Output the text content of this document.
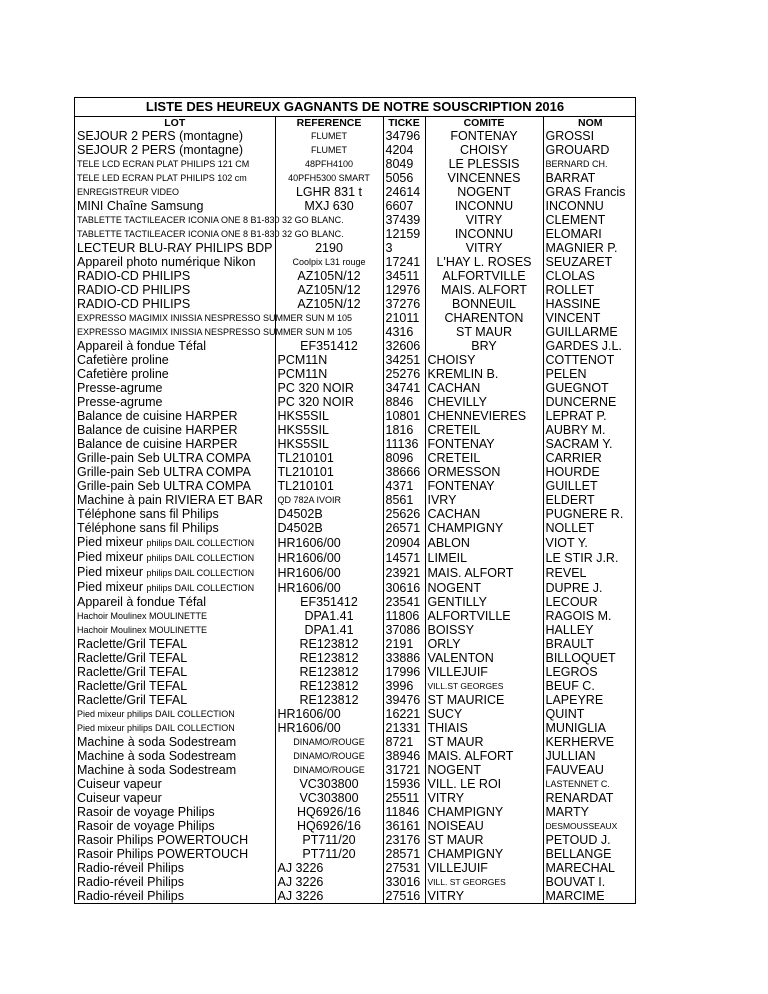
LISTE DES HEUREUX GAGNANTS DE NOTRE SOUSCRIPTION 2016
LOT	REFERENCE	TICKE	COMITE	NOM
SEJOUR 2 PERS (montagne)	FLUMET	34796	FONTENAY	GROSSI
SEJOUR 2 PERS (montagne)	FLUMET	4204	CHOISY	GROUARD
TELE LCD ECRAN PLAT PHILIPS 121 CM	48PFH4100	8049	LE PLESSIS	BERNARD CH.
TELE LED ECRAN PLAT PHILIPS 102 cm	40PFH5300 SMART	5056	VINCENNES	BARRAT
ENREGISTREUR VIDEO	LGHR 831 t	24614	NOGENT	GRAS Francis
MINI Chaîne Samsung	MXJ 630	6607	INCONNU	INCONNU
TABLETTE TACTILEACER ICONIA ONE 8 B1-830 32 GO BLANC.		37439	VITRY	CLEMENT
TABLETTE TACTILEACER ICONIA ONE 8 B1-830 32 GO BLANC.		12159	INCONNU	ELOMARI
LECTEUR BLU-RAY PHILIPS BDP	2190	3	VITRY	MAGNIER P.
Appareil photo numérique Nikon	Coolpix L31 rouge	17241	L'HAY L. ROSES	SEUZARET
RADIO-CD PHILIPS	AZ105N/12	34511	ALFORTVILLE	CLOLAS
RADIO-CD PHILIPS	AZ105N/12	12976	MAIS. ALFORT	ROLLET
RADIO-CD PHILIPS	AZ105N/12	37276	BONNEUIL	HASSINE
EXPRESSO MAGIMIX INISSIA NESPRESSO SUMMER SUN M 105		21011	CHARENTON	VINCENT
EXPRESSO MAGIMIX INISSIA NESPRESSO SUMMER SUN M 105		4316	ST MAUR	GUILLARME
Appareil à fondue Téfal	EF351412	32606	BRY	GARDES J.L.
Cafetière proline	PCM11N	34251	CHOISY	COTTENOT
Cafetière proline	PCM11N	25276	KREMLIN B.	PELEN
Presse-agrume	PC 320 NOIR	34741	CACHAN	GUEGNOT
Presse-agrume	PC 320 NOIR	8846	CHEVILLY	DUNCERNE
Balance de cuisine HARPER	HKS5SIL	10801	CHENNEVIERES	LEPRAT P.
Balance de cuisine HARPER	HKS5SIL	1816	CRETEIL	AUBRY M.
Balance de cuisine HARPER	HKS5SIL	11136	FONTENAY	SACRAM Y.
Grille-pain Seb ULTRA COMPA	TL210101	8096	CRETEIL	CARRIER
Grille-pain Seb ULTRA COMPA	TL210101	38666	ORMESSON	HOURDE
Grille-pain Seb ULTRA COMPA	TL210101	4371	FONTENAY	GUILLET
Machine à pain RIVIERA ET BAR	QD 782A IVOIR	8561	IVRY	ELDERT
Téléphone sans fil Philips	D4502B	25626	CACHAN	PUGNERE R.
Téléphone sans fil Philips	D4502B	26571	CHAMPIGNY	NOLLET
Pied mixeur philips DAIL COLLECTION	HR1606/00	20904	ABLON	VIOT Y.
Pied mixeur philips DAIL COLLECTION	HR1606/00	14571	LIMEIL	LE STIR J.R.
Pied mixeur philips DAIL COLLECTION	HR1606/00	23921	MAIS. ALFORT	REVEL
Pied mixeur philips DAIL COLLECTION	HR1606/00	30616	NOGENT	DUPRE J.
Appareil à fondue Téfal	EF351412	23541	GENTILLY	LECOUR
Hachoir Moulinex MOULINETTE	DPA1.41	11806	ALFORTVILLE	RAGOIS M.
Hachoir Moulinex MOULINETTE	DPA1.41	37086	BOISSY	HALLEY
Raclette/Gril TEFAL	RE123812	2191	ORLY	BRAULT
Raclette/Gril TEFAL	RE123812	33886	VALENTON	BILLOQUET
Raclette/Gril TEFAL	RE123812	17996	VILLEJUIF	LEGROS
Raclette/Gril TEFAL	RE123812	3996	VILL.ST GEORGES	BEUF C.
Raclette/Gril TEFAL	RE123812	39476	ST MAURICE	LAPEYRE
Pied mixeur philips DAIL COLLECTION	HR1606/00	16221	SUCY	QUINT
Pied mixeur philips DAIL COLLECTION	HR1606/00	21331	THIAIS	MUNIGLIA
Machine à soda Sodestream	DINAMO/ROUGE	8721	ST MAUR	KERHERVE
Machine à soda Sodestream	DINAMO/ROUGE	38946	MAIS. ALFORT	JULLIAN
Machine à soda Sodestream	DINAMO/ROUGE	31721	NOGENT	FAUVEAU
Cuiseur vapeur	VC303800	15936	VILL. LE ROI	LASTENNET C.
Cuiseur vapeur	VC303800	25511	VITRY	RENARDAT
Rasoir de voyage Philips	HQ6926/16	11846	CHAMPIGNY	MARTY
Rasoir de voyage Philips	HQ6926/16	36161	NOISEAU	DESMOUSSEAUX
Rasoir Philips POWERTOUCH	PT711/20	23176	ST MAUR	PETOUD J.
Rasoir Philips POWERTOUCH	PT711/20	28571	CHAMPIGNY	BELLANGE
Radio-réveil Philips	AJ 3226	27531	VILLEJUIF	MARECHAL
Radio-réveil Philips	AJ 3226	33016	VILL. ST GEORGES	BOUVAT I.
Radio-réveil Philips	AJ 3226	27516	VITRY	MARCIME
